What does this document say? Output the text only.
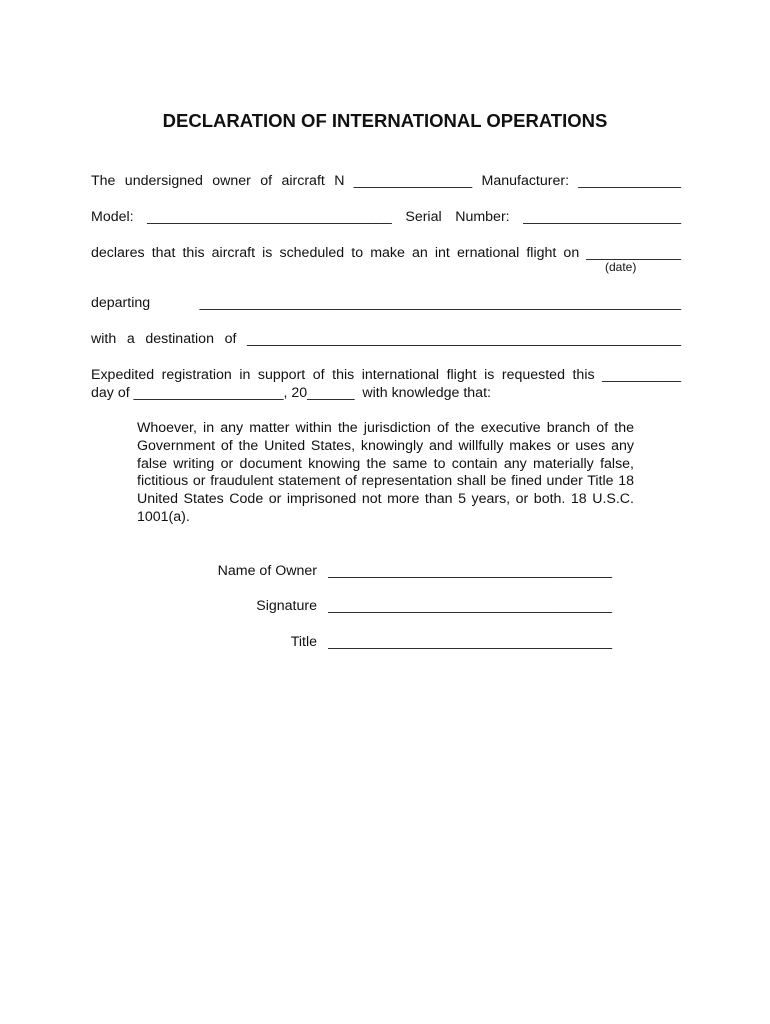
DECLARATION OF INTERNATIONAL OPERATIONS
The undersigned owner of aircraft N _______________ Manufacturer: _____________
Model: _______________________________ Serial Number: ____________________
declares that this aircraft is scheduled to make an int ernational flight on ____________
(date)
departing  _____________________________________________________________
with a destination of _______________________________________________________
Expedited registration in support of this international flight is requested this __________
day of ___________________, 20______  with knowledge that:
Whoever, in any matter within the jurisdiction of the executive branch of the Government of the United States, knowingly and willfully makes or uses any false writing or document knowing the same to contain any materially false, fictitious or fraudulent statement of representation shall be fined under Title 18 United States Code or imprisoned not more than 5 years, or both. 18 U.S.C. 1001(a).
Name of Owner ____________________________________
Signature ____________________________________
Title ____________________________________
